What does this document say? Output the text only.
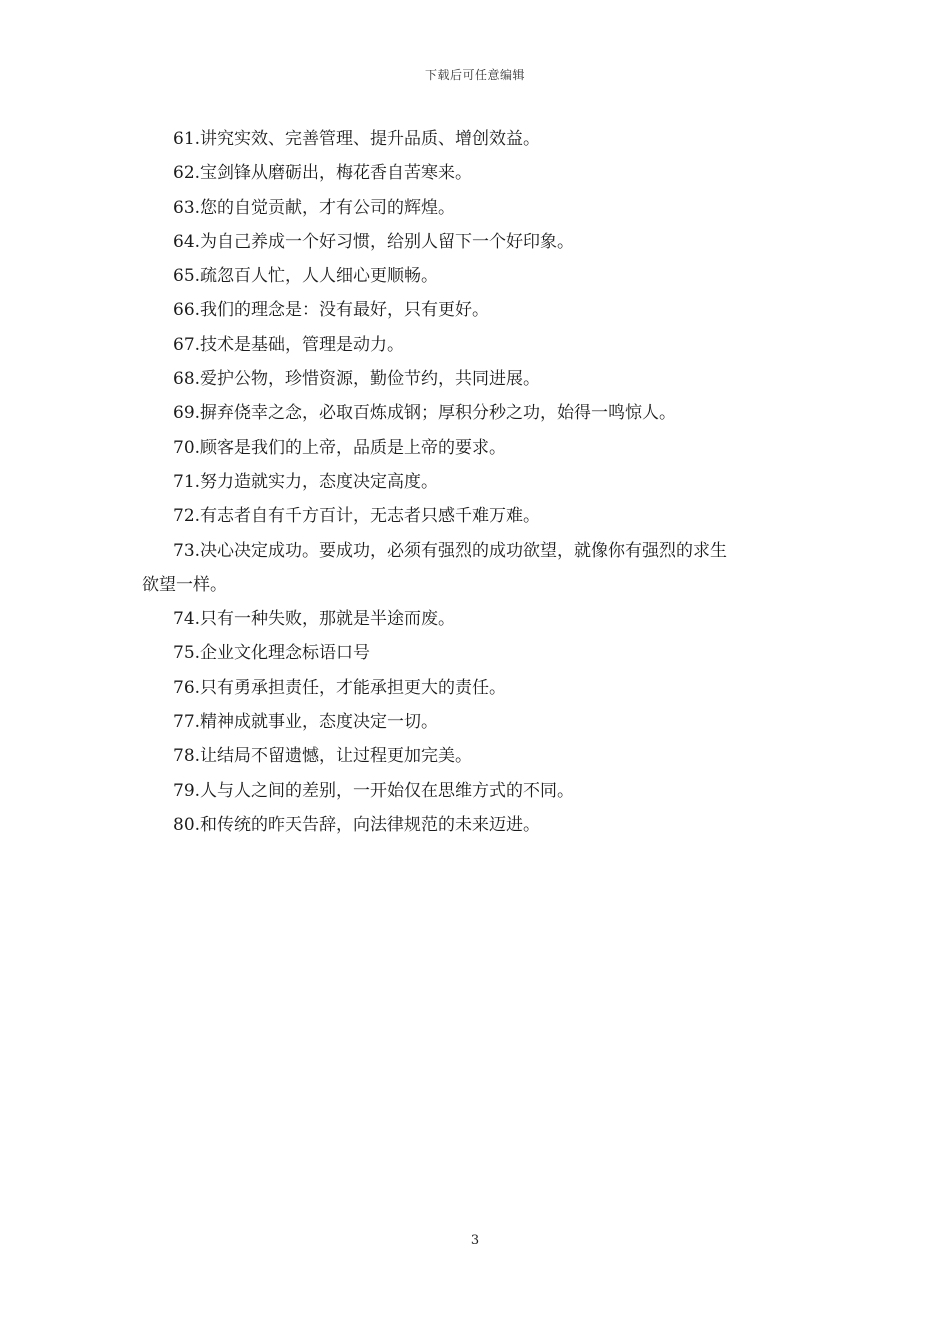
下载后可任意编辑
61.讲究实效、完善管理、提升品质、增创效益。
62.宝剑锋从磨砺出，梅花香自苦寒来。
63.您的自觉贡献，才有公司的辉煌。
64.为自己养成一个好习惯，给别人留下一个好印象。
65.疏忽百人忙，人人细心更顺畅。
66.我们的理念是：没有最好，只有更好。
67.技术是基础，管理是动力。
68.爱护公物，珍惜资源，勤俭节约，共同进展。
69.摒弃侥幸之念，必取百炼成钢；厚积分秒之功，始得一鸣惊人。
70.顾客是我们的上帝，品质是上帝的要求。
71.努力造就实力，态度决定高度。
72.有志者自有千方百计，无志者只感千难万难。
73.决心决定成功。要成功，必须有强烈的成功欲望，就像你有强烈的求生
欲望一样。
74.只有一种失败，那就是半途而废。
75.企业文化理念标语口号
76.只有勇承担责任，才能承担更大的责任。
77.精神成就事业，态度决定一切。
78.让结局不留遗憾，让过程更加完美。
79.人与人之间的差别，一开始仅在思维方式的不同。
80.和传统的昨天告辞，向法律规范的未来迈进。
3
